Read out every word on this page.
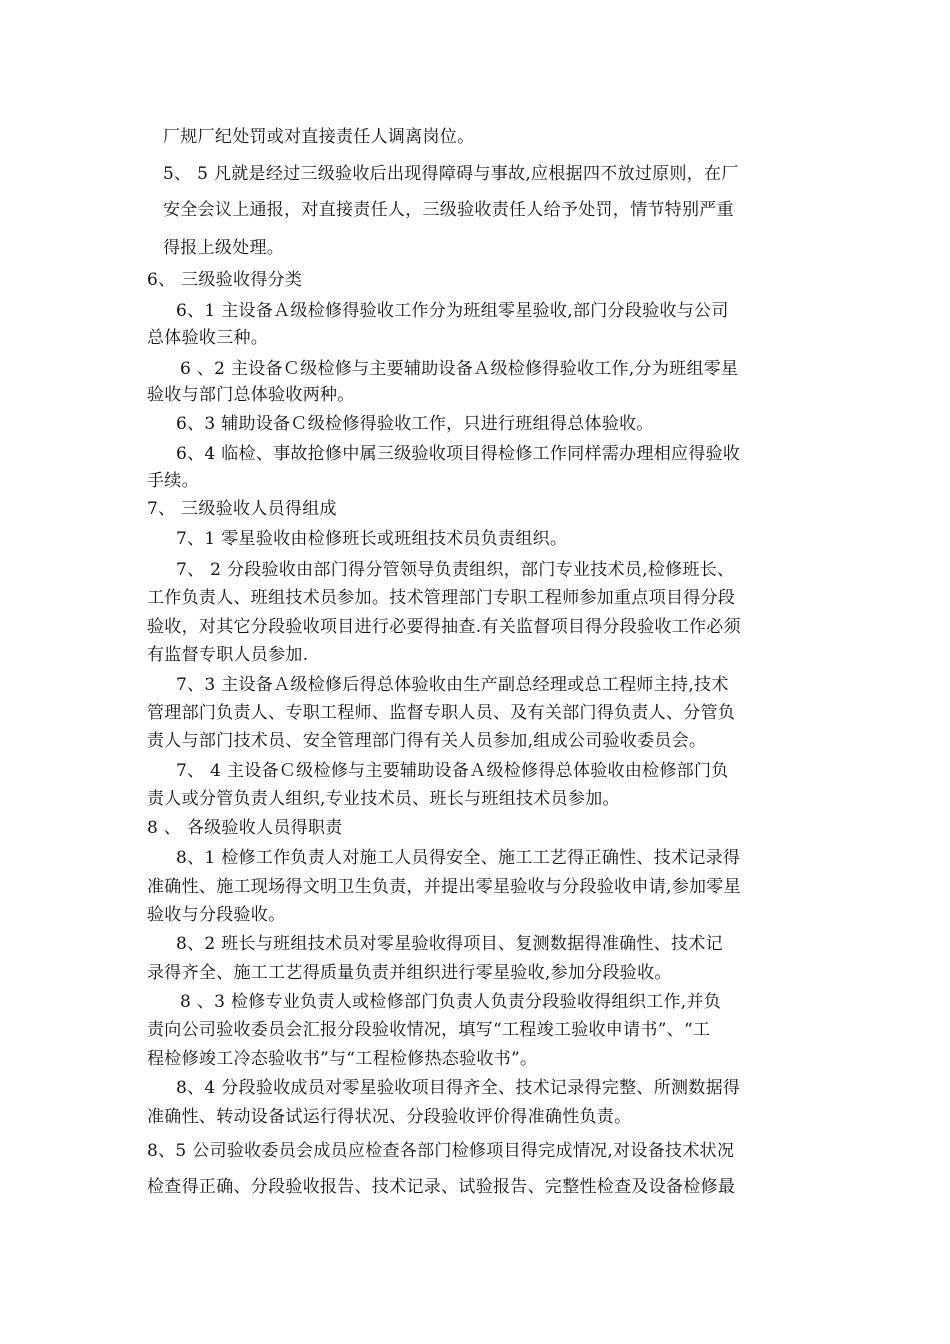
厂规厂纪处罚或对直接责任人调离岗位。
5、 5 凡就是经过三级验收后出现得障碍与事故,应根据四不放过原则，在厂
安全会议上通报，对直接责任人，三级验收责任人给予处罚，情节特别严重
得报上级处理。
6、 三级验收得分类
6、1 主设备Ａ级检修得验收工作分为班组零星验收,部门分段验收与公司
总体验收三种。
6 、2 主设备Ｃ级检修与主要辅助设备Ａ级检修得验收工作,分为班组零星
验收与部门总体验收两种。
6、3 辅助设备Ｃ级检修得验收工作，只进行班组得总体验收。
6、4 临检、事故抢修中属三级验收项目得检修工作同样需办理相应得验收
手续。
7、 三级验收人员得组成
7、1 零星验收由检修班长或班组技术员负责组织。
7、 2 分段验收由部门得分管领导负责组织，部门专业技术员,检修班长、
工作负责人、班组技术员参加。技术管理部门专职工程师参加重点项目得分段
验收，对其它分段验收项目进行必要得抽查.有关监督项目得分段验收工作必须
有监督专职人员参加.
7、3 主设备Ａ级检修后得总体验收由生产副总经理或总工程师主持,技术
管理部门负责人、专职工程师、监督专职人员、及有关部门得负责人、分管负
责人与部门技术员、安全管理部门得有关人员参加,组成公司验收委员会。
7、 4 主设备Ｃ级检修与主要辅助设备Ａ级检修得总体验收由检修部门负
责人或分管负责人组织,专业技术员、班长与班组技术员参加。
8 、 各级验收人员得职责
8、1 检修工作负责人对施工人员得安全、施工工艺得正确性、技术记录得
准确性、施工现场得文明卫生负责，并提出零星验收与分段验收申请,参加零星
验收与分段验收。
8、2 班长与班组技术员对零星验收得项目、复测数据得准确性、技术记
录得齐全、施工工艺得质量负责并组织进行零星验收,参加分段验收。
8 、3 检修专业负责人或检修部门负责人负责分段验收得组织工作,并负
责向公司验收委员会汇报分段验收情况，填写“工程竣工验收申请书”、“工
程检修竣工冷态验收书”与“工程检修热态验收书”。
8、4 分段验收成员对零星验收项目得齐全、技术记录得完整、所测数据得
准确性、转动设备试运行得状况、分段验收评价得准确性负责。
8、5 公司验收委员会成员应检查各部门检修项目得完成情况,对设备技术状况
检查得正确、分段验收报告、技术记录、试验报告、完整性检查及设备检修最
